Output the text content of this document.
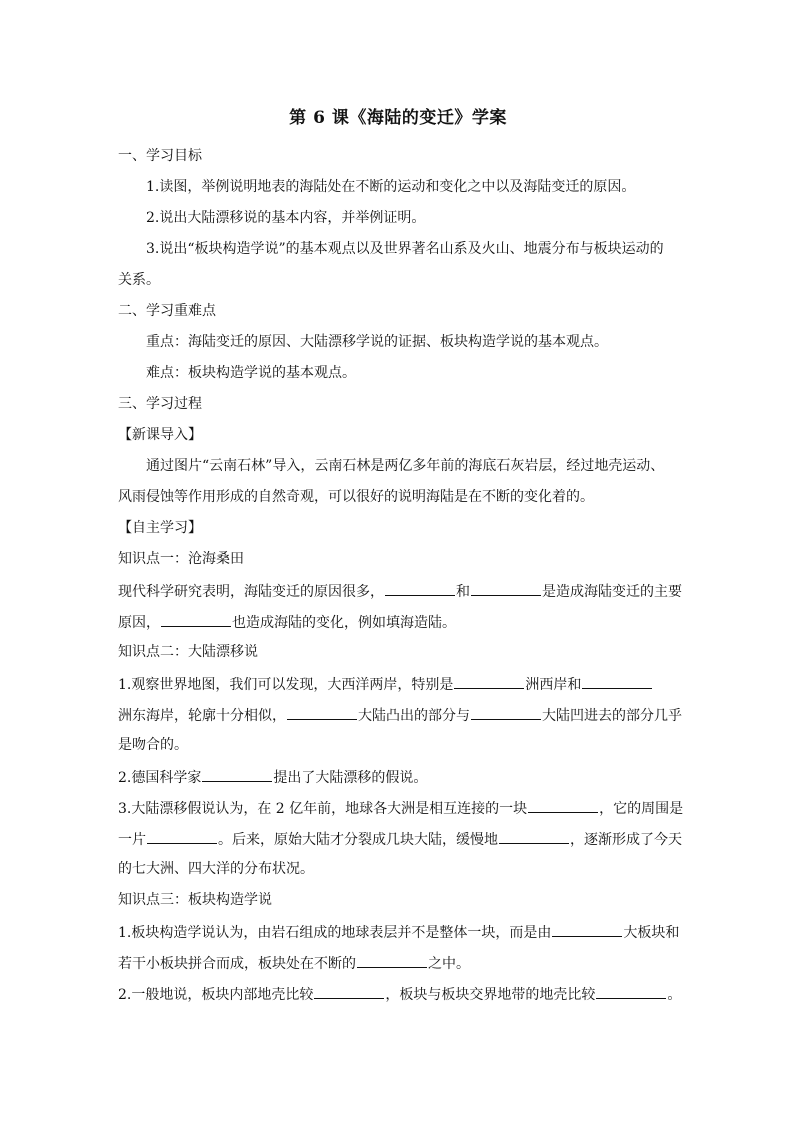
第 6 课《海陆的变迁》学案
一、学习目标
1.读图，举例说明地表的海陆处在不断的运动和变化之中以及海陆变迁的原因。
2.说出大陆漂移说的基本内容，并举例证明。
3.说出“板块构造学说”的基本观点以及世界著名山系及火山、地震分布与板块运动的
关系。
二、学习重难点
重点：海陆变迁的原因、大陆漂移学说的证据、板块构造学说的基本观点。
难点：板块构造学说的基本观点。
三、学习过程
【新课导入】
通过图片“云南石林”导入，云南石林是两亿多年前的海底石灰岩层，经过地壳运动、
风雨侵蚀等作用形成的自然奇观，可以很好的说明海陆是在不断的变化着的。
【自主学习】
知识点一：沧海桑田
现代科学研究表明，海陆变迁的原因很多，	和	是造成海陆变迁的主要
原因，	也造成海陆的变化，例如填海造陆。
知识点二：大陆漂移说
1.观察世界地图，我们可以发现，大西洋两岸，特别是	洲西岸和
洲东海岸，轮廓十分相似，	大陆凸出的部分与	大陆凹进去的部分几乎
是吻合的。
2.德国科学家	提出了大陆漂移的假说。
3.大陆漂移假说认为，在 2 亿年前，地球各大洲是相互连接的一块	，它的周围是
一片	。后来，原始大陆才分裂成几块大陆，缓慢地	，逐渐形成了今天
的七大洲、四大洋的分布状况。
知识点三：板块构造学说
1.板块构造学说认为，由岩石组成的地球表层并不是整体一块，而是由	大板块和
若干小板块拼合而成，板块处在不断的	之中。
2.一般地说，板块内部地壳比较	，板块与板块交界地带的地壳比较	。
